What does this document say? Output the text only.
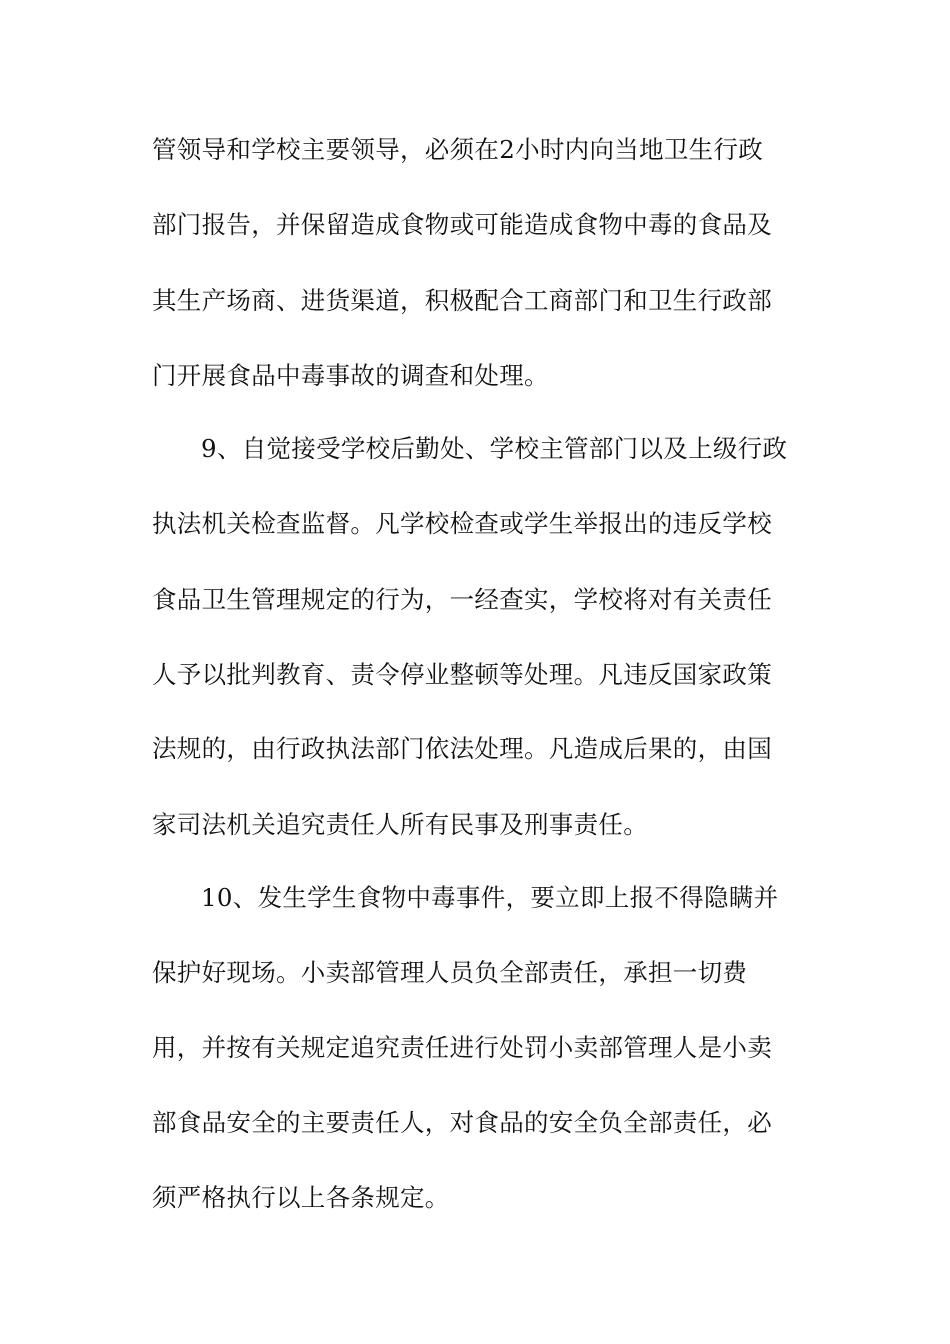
管领导和学校主要领导，必须在2小时内向当地卫生行政

部门报告，并保留造成食物或可能造成食物中毒的食品及

其生产场商、进货渠道，积极配合工商部门和卫生行政部

门开展食品中毒事故的调查和处理。

9、自觉接受学校后勤处、学校主管部门以及上级行政

执法机关检查监督。凡学校检查或学生举报出的违反学校

食品卫生管理规定的行为，一经查实，学校将对有关责任

人予以批判教育、责令停业整顿等处理。凡违反国家政策

法规的，由行政执法部门依法处理。凡造成后果的，由国

家司法机关追究责任人所有民事及刑事责任。

10、发生学生食物中毒事件，要立即上报不得隐瞒并

保护好现场。小卖部管理人员负全部责任，承担一切费

用，并按有关规定追究责任进行处罚小卖部管理人是小卖

部食品安全的主要责任人，对食品的安全负全部责任，必

须严格执行以上各条规定。
